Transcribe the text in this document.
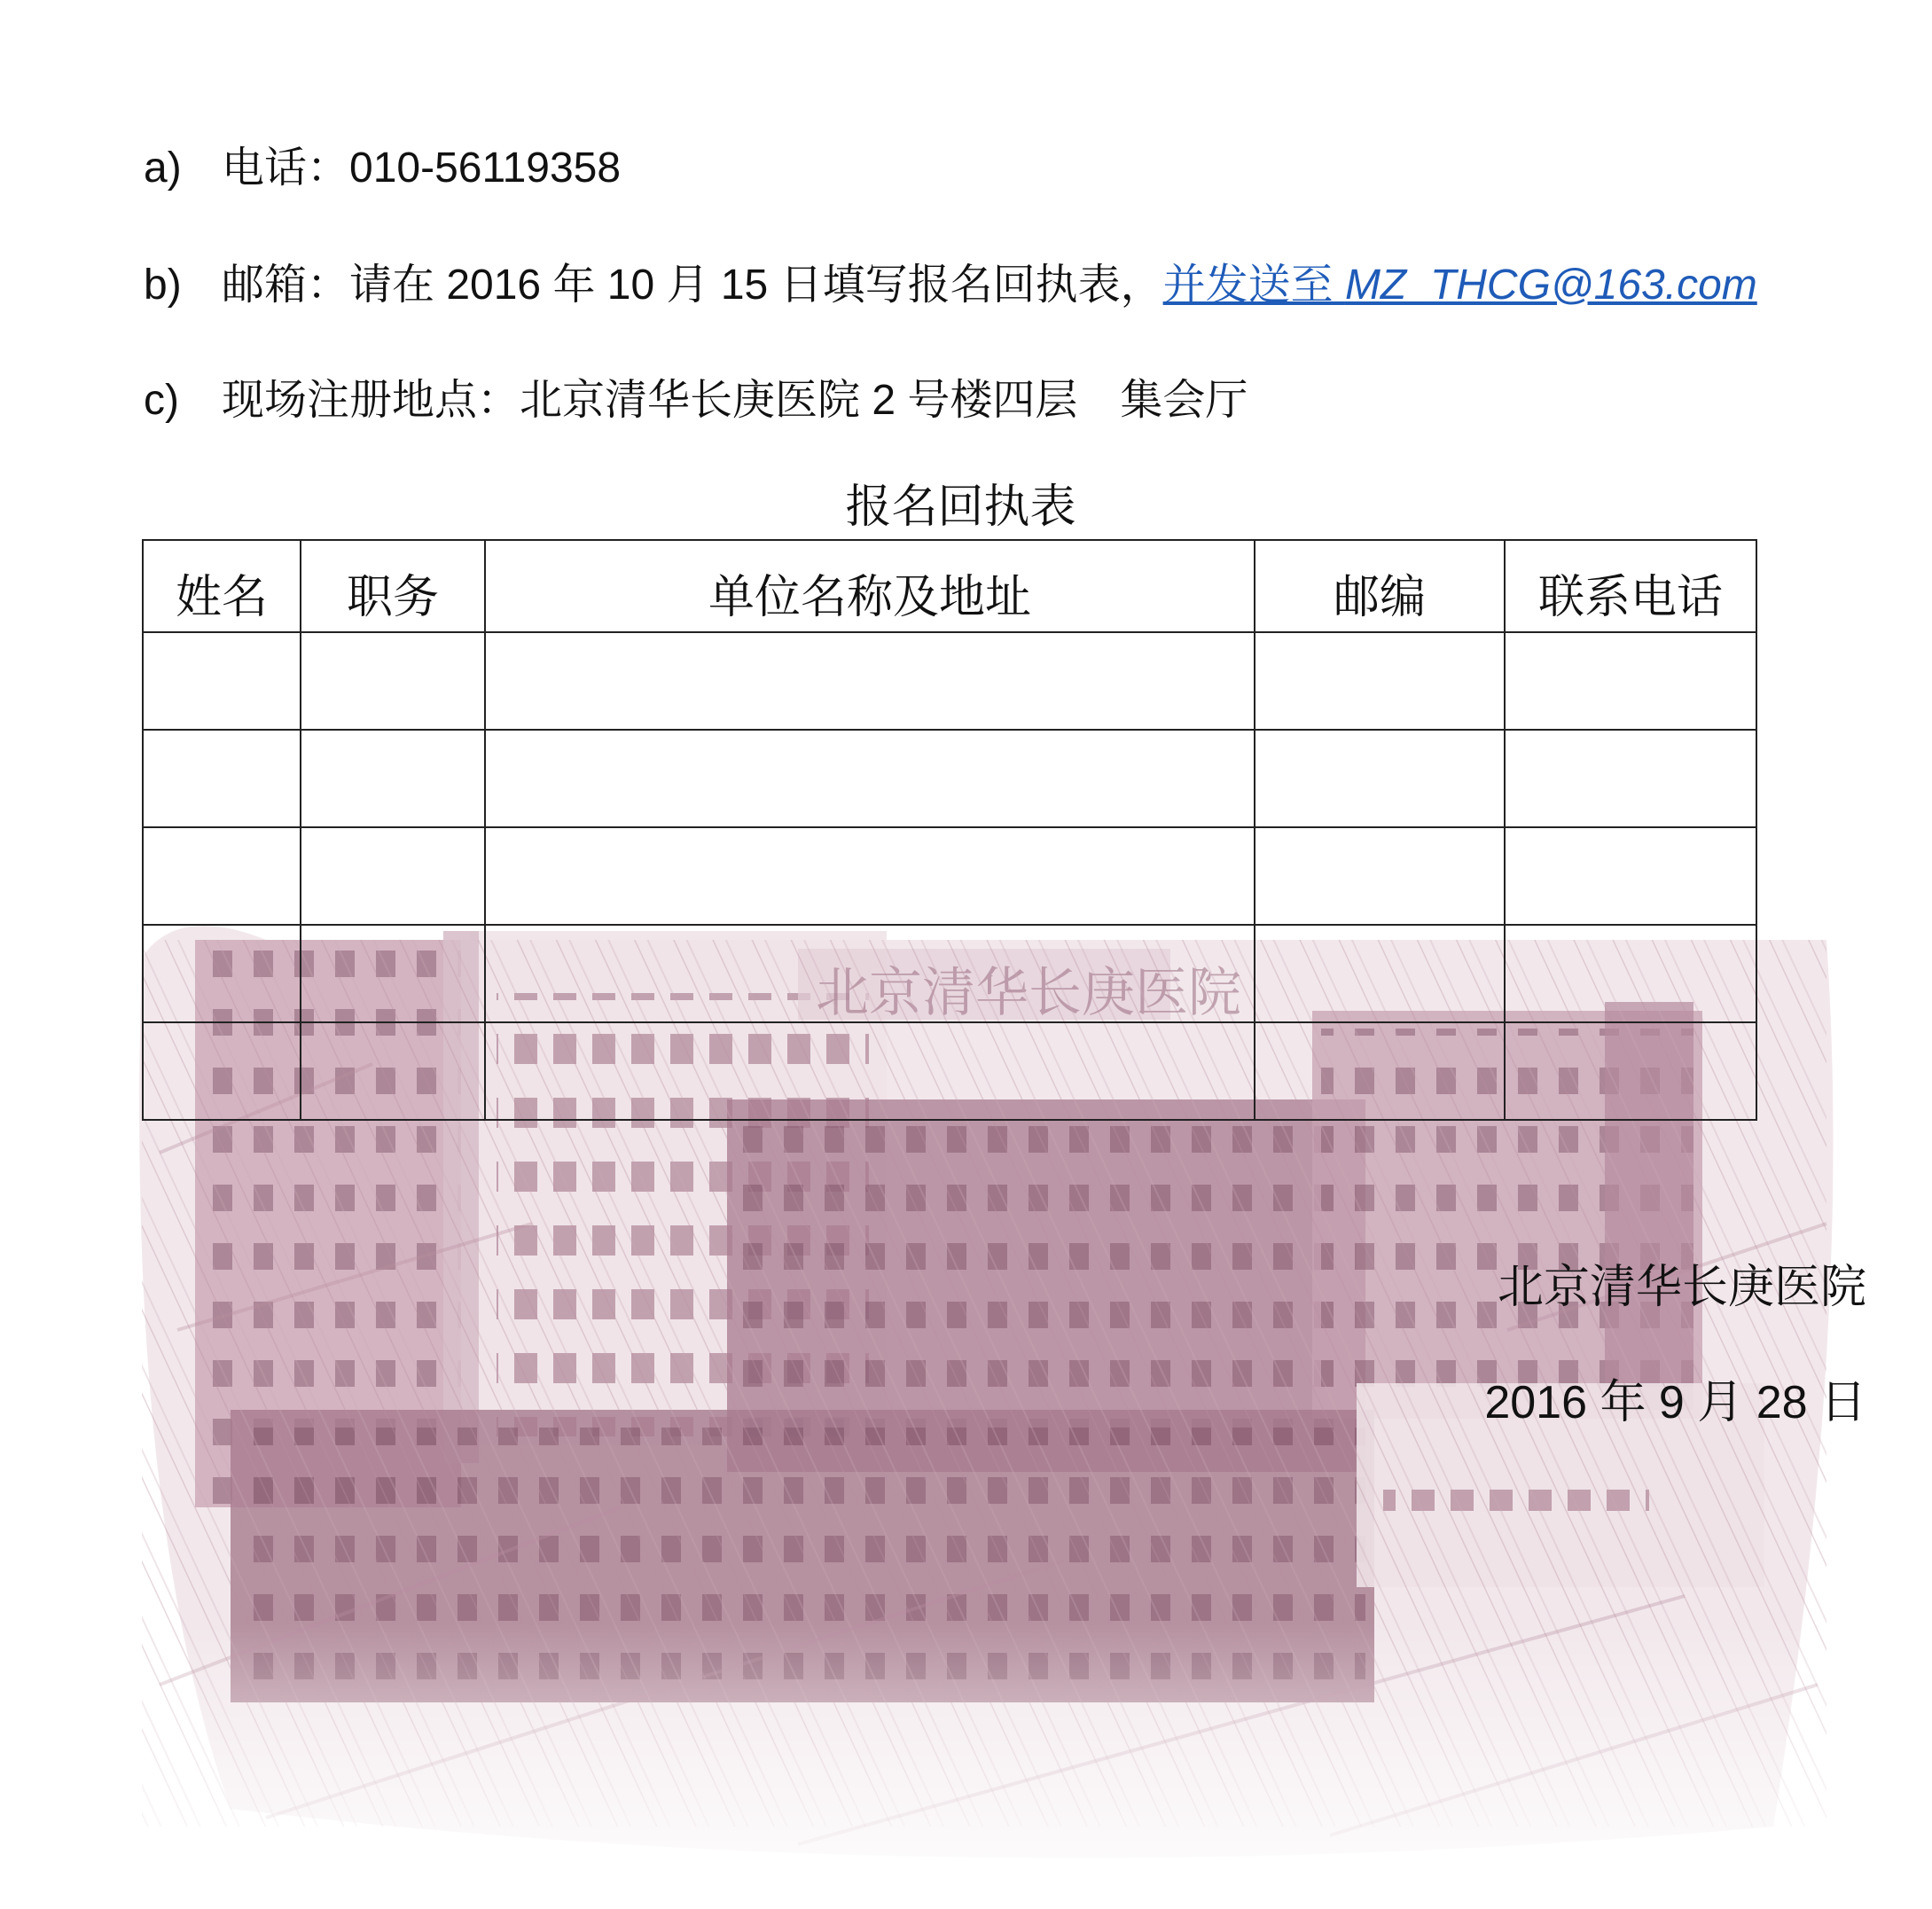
a) 电话：010-56119358
b) 邮箱：请在 2016 年 10 月 15 日填写报名回执表，并发送至 MZ_THCG@163.com
c) 现场注册地点：北京清华长庚医院 2 号楼四层　集会厅
报名回执表
姓名	职务	单位名称及地址	邮编	联系电话

北京清华长庚医院
2016 年 9 月 28 日
